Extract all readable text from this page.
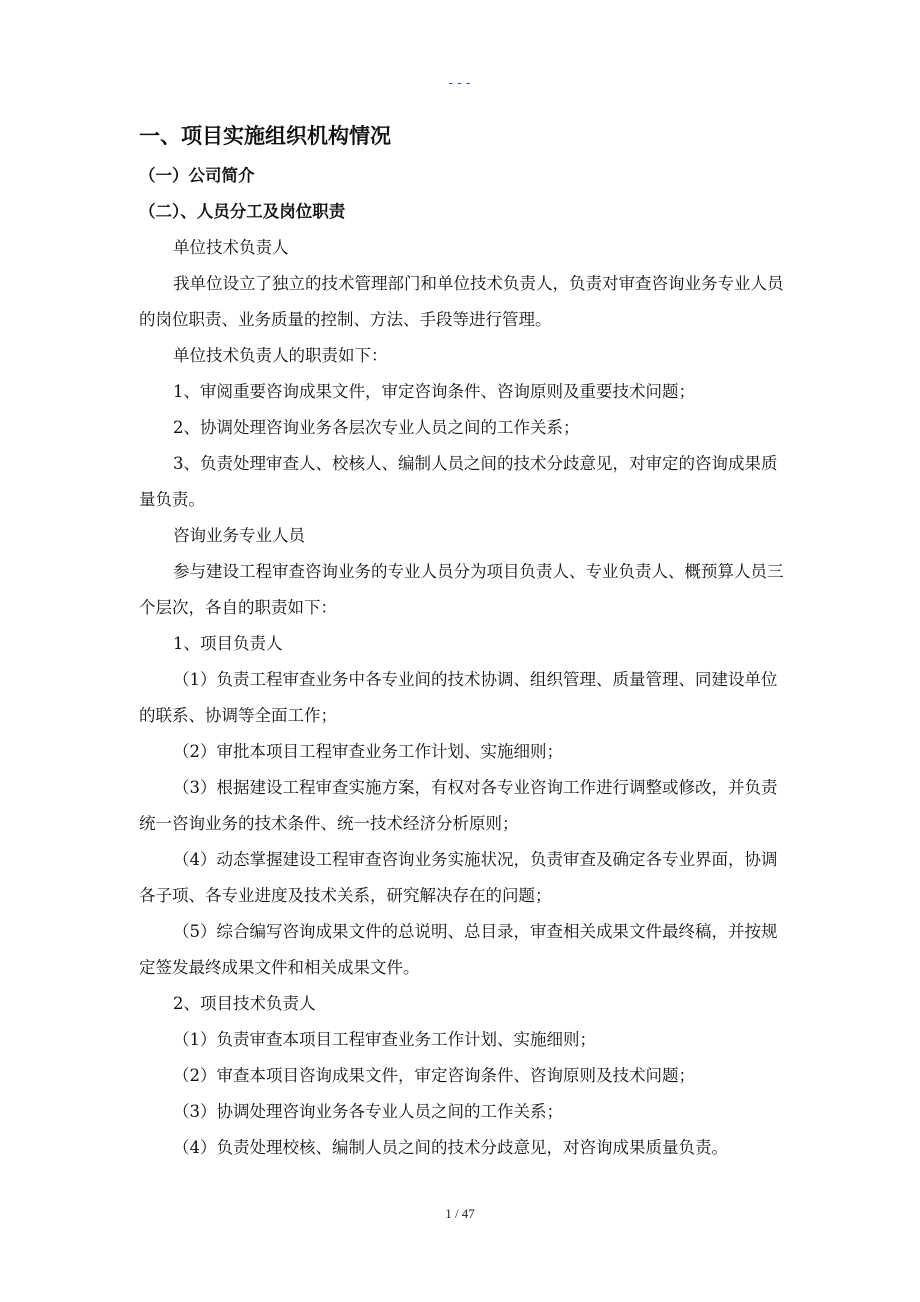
---
一、项目实施组织机构情况
（一）公司简介
（二）、人员分工及岗位职责

单位技术负责人

我单位设立了独立的技术管理部门和单位技术负责人，负责对审查咨询业务专业人员的岗位职责、业务质量的控制、方法、手段等进行管理。

单位技术负责人的职责如下：

1、审阅重要咨询成果文件，审定咨询条件、咨询原则及重要技术问题；

2、协调处理咨询业务各层次专业人员之间的工作关系；

3、负责处理审查人、校核人、编制人员之间的技术分歧意见，对审定的咨询成果质量负责。

咨询业务专业人员

参与建设工程审查咨询业务的专业人员分为项目负责人、专业负责人、概预算人员三个层次，各自的职责如下：

1、项目负责人

（1）负责工程审查业务中各专业间的技术协调、组织管理、质量管理、同建设单位的联系、协调等全面工作；

（2）审批本项目工程审查业务工作计划、实施细则；

（3）根据建设工程审查实施方案，有权对各专业咨询工作进行调整或修改，并负责统一咨询业务的技术条件、统一技术经济分析原则；

（4）动态掌握建设工程审查咨询业务实施状况，负责审查及确定各专业界面，协调各子项、各专业进度及技术关系，研究解决存在的问题；

（5）综合编写咨询成果文件的总说明、总目录，审查相关成果文件最终稿，并按规定签发最终成果文件和相关成果文件。

2、项目技术负责人

（1）负责审查本项目工程审查业务工作计划、实施细则；

（2）审查本项目咨询成果文件，审定咨询条件、咨询原则及技术问题；

（3）协调处理咨询业务各专业人员之间的工作关系；

（4）负责处理校核、编制人员之间的技术分歧意见，对咨询成果质量负责。

1 / 47
